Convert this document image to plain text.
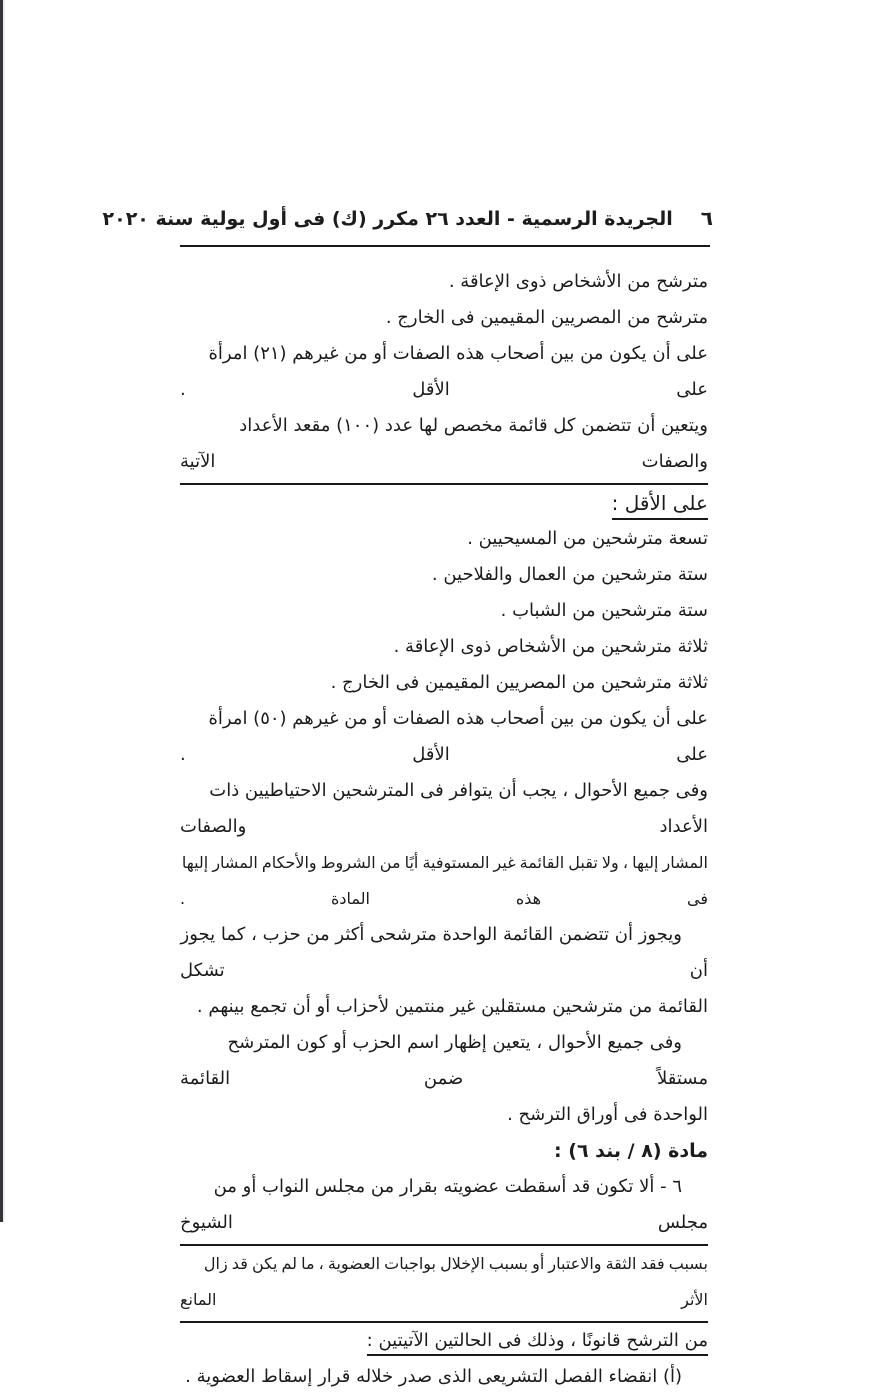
٦الجريدة الرسمية - العدد ٢٦ مكرر (ك) فى أول يولية سنة ٢٠٢٠

مترشح من الأشخاص ذوى الإعاقة .

مترشح من المصريين المقيمين فى الخارج .

على أن يكون من بين أصحاب هذه الصفات أو من غيرهم (٢١) امرأة على الأقل .

ويتعين أن تتضمن كل قائمة مخصص لها عدد (١٠٠) مقعد الأعداد والصفات الآتية

على الأقل :

تسعة مترشحين من المسيحيين .

ستة مترشحين من العمال والفلاحين .

ستة مترشحين من الشباب .

ثلاثة مترشحين من الأشخاص ذوى الإعاقة .

ثلاثة مترشحين من المصريين المقيمين فى الخارج .

على أن يكون من بين أصحاب هذه الصفات أو من غيرهم (٥٠) امرأة على الأقل .

وفى جميع الأحوال ، يجب أن يتوافر فى المترشحين الاحتياطيين ذات الأعداد والصفات

المشار إليها ، ولا تقبل القائمة غير المستوفية أيًا من الشروط والأحكام المشار إليها فى هذه المادة .

ويجوز أن تتضمن القائمة الواحدة مترشحى أكثر من حزب ، كما يجوز أن تشكل

القائمة من مترشحين مستقلين غير منتمين لأحزاب أو أن تجمع بينهم .

وفى جميع الأحوال ، يتعين إظهار اسم الحزب أو كون المترشح مستقلاً ضمن القائمة

الواحدة فى أوراق الترشح .

مادة (٨ / بند ٦) :

٦ - ألا تكون قد أسقطت عضويته بقرار من مجلس النواب أو من مجلس الشيوخ

بسبب فقد الثقة والاعتبار أو بسبب الإخلال بواجبات العضوية ، ما لم يكن قد زال الأثر المانع

من الترشح قانونًا ، وذلك فى الحالتين الآتيتين :

(أ) انقضاء الفصل التشريعى الذى صدر خلاله قرار إسقاط العضوية .
